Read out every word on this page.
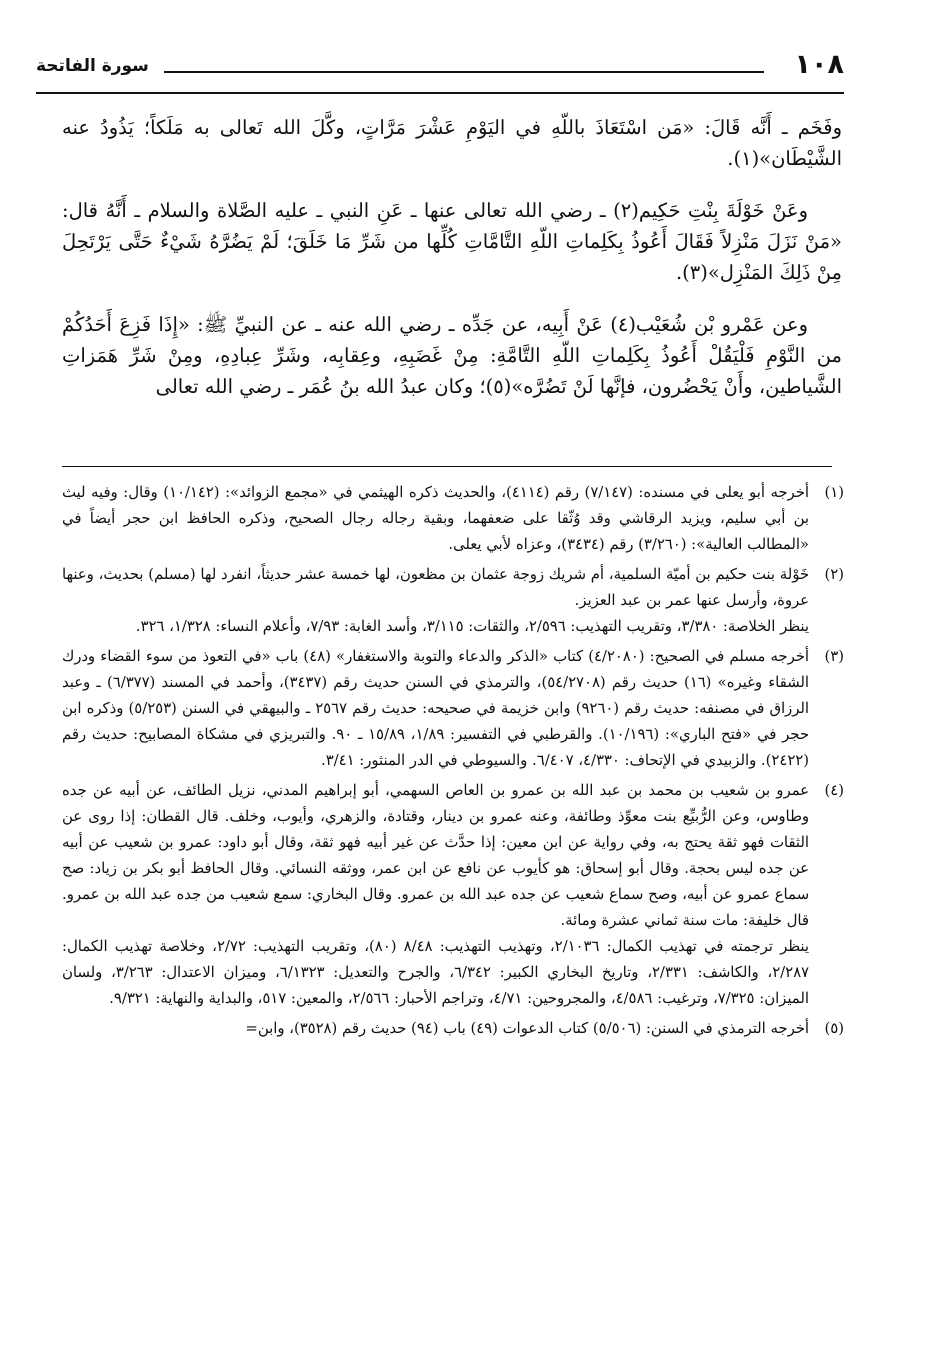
١٠٨
سورة الفاتحة

وفَخَم ـ أَنَّه قَالَ: «مَن اسْتَعَاذَ باللّهِ في اليَوْمِ عَشْرَ مَرَّاتٍ، وكَّلَ الله تَعالى به مَلَكاً؛ يَذُودُ عنه الشَّيْطَان»(١).

وعَنْ خَوْلَةَ بِنْتِ حَكِيم(٢) ـ رضي الله تعالى عنها ـ عَنِ النبي ـ عليه الصَّلاة والسلام ـ أَنَّهُ قال: «مَنْ نَزَلَ مَنْزِلاً فَقَالَ أَعُوذُ بِكَلِماتِ اللّهِ التَّامَّاتِ كُلِّها من شَرِّ مَا خَلَقَ؛ لَمْ يَضُرَّهُ شَيْءٌ حَتَّى يَرْتَحِلَ مِنْ ذَلِكَ المَنْزِل»(٣).

وعن عَمْرو بْن شُعَيْب(٤) عَنْ أَبِيه، عن جَدِّه ـ رضي الله عنه ـ عن النبيِّ ﷺ: «إِذَا فَزِعَ أَحَدُكُمْ من النَّوْمِ فَلْيَقُلْ أَعُوذُ بِكَلِماتِ اللّهِ التَّامَّةِ: مِنْ غَضَبِهِ، وعِقابِه، وشَرِّ عِبادِهِ، ومِنْ شَرِّ هَمَزاتِ الشَّياطين، وأَنْ يَحْضُرون، فإنَّها لَنْ تَضُرَّه»(٥)؛ وكان عبدُ الله بنُ عُمَر ـ رضي الله تعالى

(١)

أخرجه أبو يعلى في مسنده: (٧/١٤٧) رقم (٤١١٤)، والحديث ذكره الهيثمي في «مجمع الزوائد»: (١٠/١٤٢) وقال: وفيه ليث بن أبي سليم، ويزيد الرقاشي وقد وُثّقا على ضعفهما، وبقية رجاله رجال الصحيح، وذكره الحافظ ابن حجر أيضاً في «المطالب العالية»: (٣/٢٦٠) رقم (٣٤٣٤)، وعزاه لأبي يعلى.

(٢)

خَوْلة بنت حكيم بن أميّة السلمية، أم شريك زوجة عثمان بن مظعون، لها خمسة عشر حديثاً، انفرد لها (مسلم) بحديث، وعنها عروة، وأرسل عنها عمر بن عبد العزيز.

ينظر الخلاصة: ٣/٣٨٠، وتقريب التهذيب: ٢/٥٩٦، والثقات: ٣/١١٥، وأسد الغابة: ٧/٩٣، وأعلام النساء: ١/٣٢٨، ٣٢٦.

(٣)

أخرجه مسلم في الصحيح: (٤/٢٠٨٠) كتاب «الذكر والدعاء والتوبة والاستغفار» (٤٨) باب «في التعوذ من سوء القضاء ودرك الشقاء وغيره» (١٦) حديث رقم (٥٤/٢٧٠٨)، والترمذي في السنن حديث رقم (٣٤٣٧)، وأحمد في المسند (٦/٣٧٧) ـ وعبد الرزاق في مصنفه: حديث رقم (٩٢٦٠) وابن خزيمة في صحيحه: حديث رقم ٢٥٦٧ ـ والبيهقي في السنن (٥/٢٥٣) وذكره ابن حجر في «فتح الباري»: (١٠/١٩٦). والقرطبي في التفسير: ١/٨٩، ١٥/٨٩ ـ ٩٠. والتبريزي في مشكاة المصابيح: حديث رقم (٢٤٢٢). والزبيدي في الإتحاف: ٤/٣٣٠، ٦/٤٠٧. والسيوطي في الدر المنثور: ٣/٤١.

(٤)

عمرو بن شعيب بن محمد بن عبد الله بن عمرو بن العاص السهمي، أبو إبراهيم المدني، نزيل الطائف، عن أبيه عن جده وطاوس، وعن الرُّبيِّع بنت معوِّذ وطائفة، وعنه عمرو بن دينار، وقتادة، والزهري، وأيوب، وخلف. قال القطان: إذا روى عن الثقات فهو ثقة يحتج به، وفي رواية عن ابن معين: إذا حدَّث عن غير أبيه فهو ثقة، وقال أبو داود: عمرو بن شعيب عن أبيه عن جده ليس بحجة. وقال أبو إسحاق: هو كأيوب عن نافع عن ابن عمر، ووثقه النسائي. وقال الحافظ أبو بكر بن زياد: صح سماع عمرو عن أبيه، وصح سماع شعيب عن جده عبد الله بن عمرو. وقال البخاري: سمع شعيب من جده عبد الله بن عمرو. قال خليفة: مات سنة ثماني عشرة ومائة.

ينظر ترجمته في تهذيب الكمال: ٢/١٠٣٦، وتهذيب التهذيب: ٨/٤٨ (٨٠)، وتقريب التهذيب: ٢/٧٢، وخلاصة تهذيب الكمال: ٢/٢٨٧، والكاشف: ٢/٣٣١، وتاريخ البخاري الكبير: ٦/٣٤٢، والجرح والتعديل: ٦/١٣٢٣، وميزان الاعتدال: ٣/٢٦٣، ولسان الميزان: ٧/٣٢٥، وترغيب: ٤/٥٨٦، والمجروحين: ٤/٧١، وتراجم الأحبار: ٢/٥٦٦، والمعين: ٥١٧، والبداية والنهاية: ٩/٣٢١.

(٥)

أخرجه الترمذي في السنن: (٥/٥٠٦) كتاب الدعوات (٤٩) باب (٩٤) حديث رقم (٣٥٢٨)، وابن=
